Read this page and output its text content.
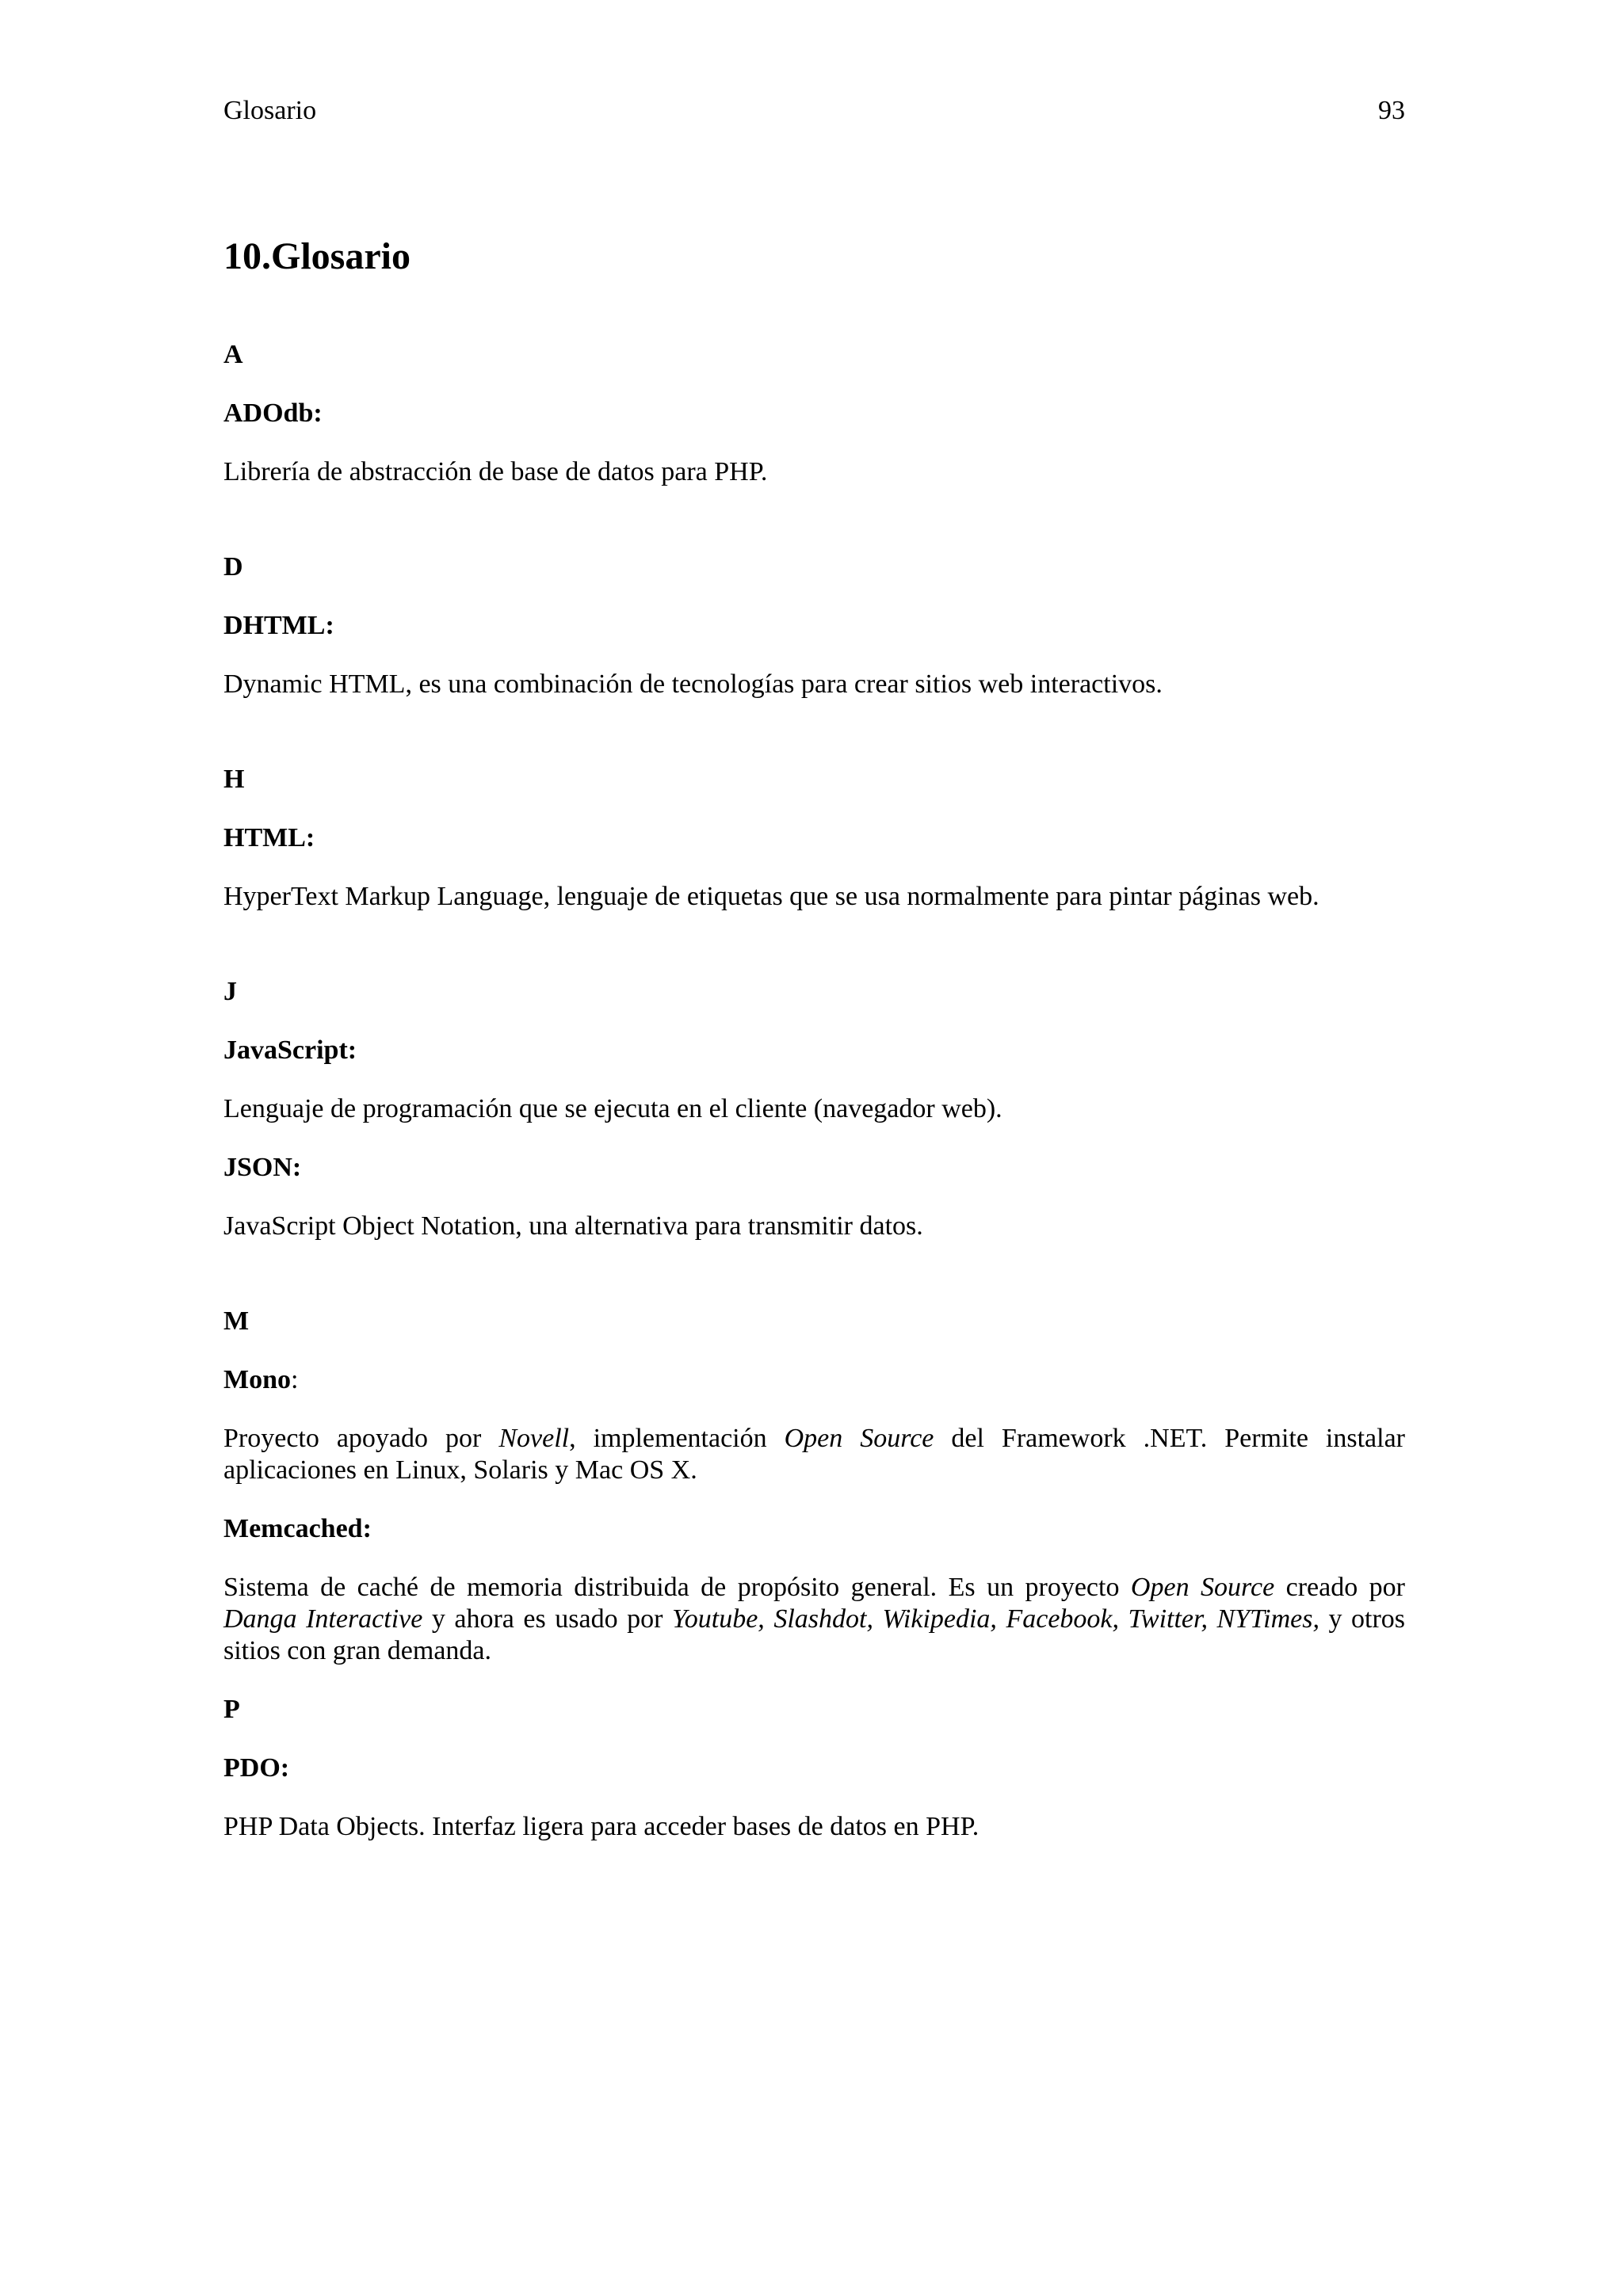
Glosario	93
10.Glosario

A

ADOdb:

Librería de abstracción de base de datos para PHP.

D

DHTML:

Dynamic HTML, es una combinación de tecnologías para crear sitios web interactivos.

H

HTML:

HyperText Markup Language, lenguaje de etiquetas que se usa normalmente para pintar páginas web.

J

JavaScript:

Lenguaje de programación que se ejecuta en el cliente (navegador web).

JSON:

JavaScript Object Notation, una alternativa para transmitir datos.

M

Mono:

Proyecto apoyado por Novell, implementación Open Source del Framework .NET. Permite instalar aplicaciones en Linux, Solaris y Mac OS X.

Memcached:

Sistema de caché de memoria distribuida de propósito general. Es un proyecto Open Source creado por Danga Interactive y ahora es usado por Youtube, Slashdot, Wikipedia, Facebook, Twitter, NYTimes, y otros sitios con gran demanda.

P

PDO:

PHP Data Objects. Interfaz ligera para acceder bases de datos en PHP.
